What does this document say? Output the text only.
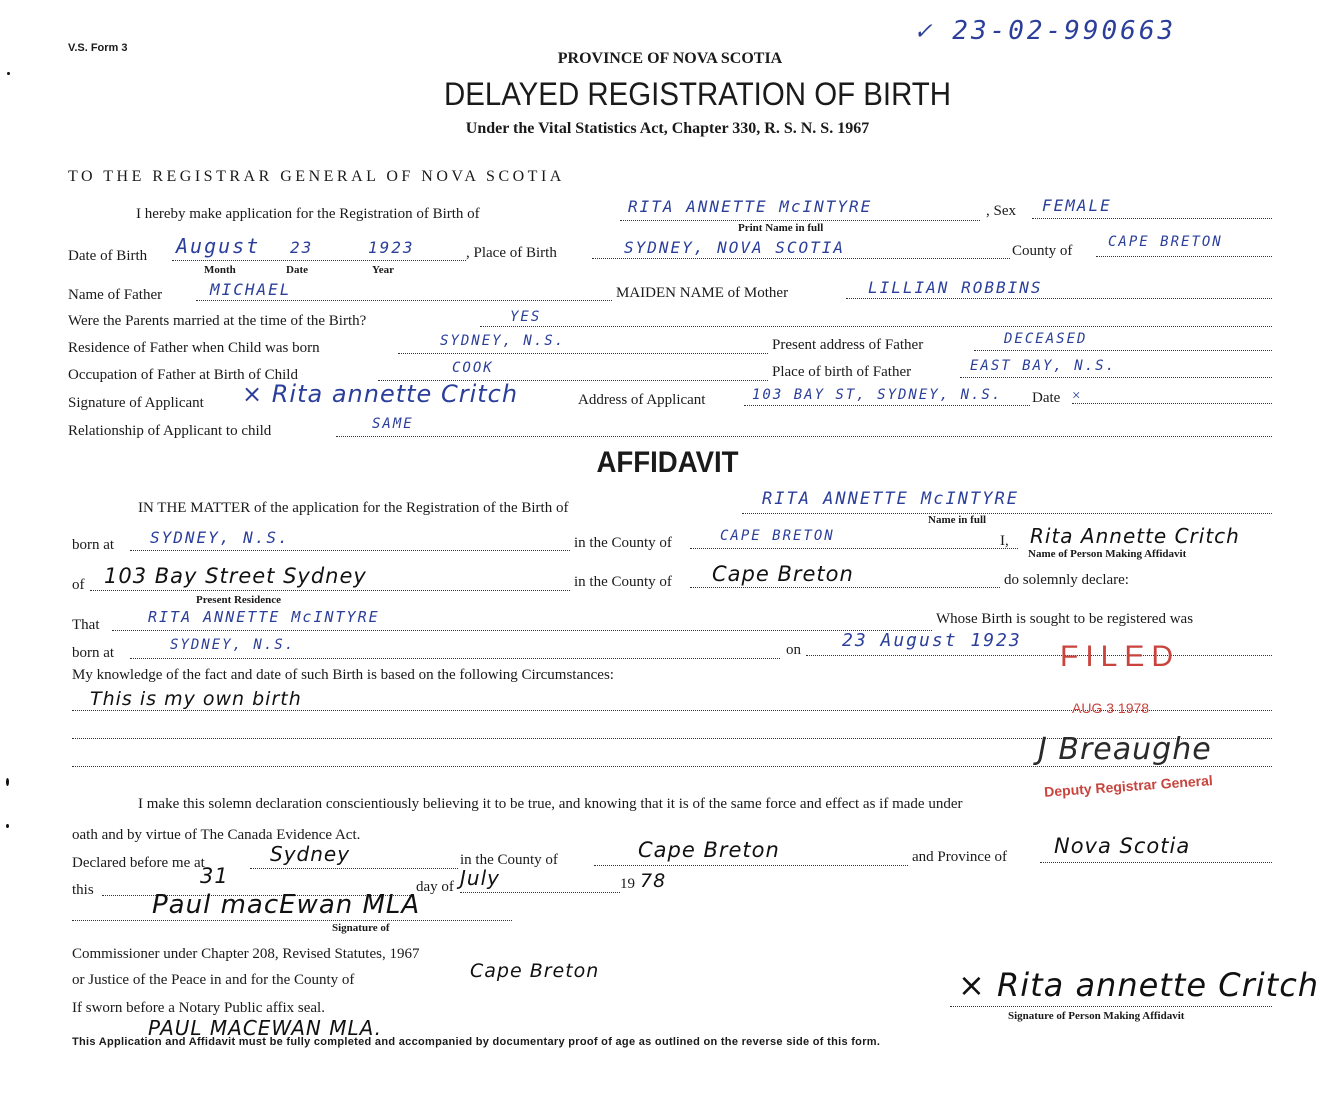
V.S. Form 3
✓ 23-02-990663
PROVINCE OF NOVA SCOTIA
DELAYED REGISTRATION OF BIRTH
Under the Vital Statistics Act, Chapter 330, R. S. N. S. 1967
TO THE REGISTRAR GENERAL OF NOVA SCOTIA
I hereby make application for the Registration of Birth of	RITA ANNETTE McINTYRE
Print Name in full
, Sex FEMALE
Date of Birth August 23	1923
Month	Date	Year
, Place of Birth	SYDNEY, NOVA SCOTIA	County of
CAPE BRETON
Name of Father	MICHAEL	MAIDEN NAME of Mother	LILLIAN ROBBINS
Were the Parents married at the time of the Birth?	YES
Residence of Father when Child was born	SYDNEY, N.S.	Present address of Father	DECEASED
Occupation of Father at Birth of Child	COOK	Place of birth of Father	EAST BAY, N.S.
Signature of Applicant × Rita annette Critch	Address of Applicant	103 BAY ST, SYDNEY, N.S. Date ×
Relationship of Applicant to child	SAME
AFFIDAVIT
IN THE MATTER of the application for the Registration of the Birth of	RITA ANNETTE McINTYRE
Name in full
born at SYDNEY, N.S.	in the County of	CAPE BRETON	I, Rita Annette Critch
Name of Person Making Affidavit
of 103 Bay Street Sydney
Present Residence
in the County of Cape Breton	do solemnly declare:
That	RITA ANNETTE McINTYRE	Whose Birth is sought to be registered was
born at	SYDNEY, N.S.	on 23 August 1923
My knowledge of the fact and date of such Birth is based on the following Circumstances:
This is my own birth
FILED
AUG 3 1978
J Breaughe
Deputy Registrar General
I make this solemn declaration conscientiously believing it to be true, and knowing that it is of the same force and effect as if made under
oath and by virtue of The Canada Evidence Act.
Declared before me at	Sydney	in the County of	Cape Breton	and Province of Nova Scotia
this
31	day of July	19 78
Paul macEwan MLA
Signature of
Commissioner under Chapter 208, Revised Statutes, 1967
or Justice of the Peace in and for the County of	Cape Breton
If sworn before a Notary Public affix seal.
PAUL MACEWAN MLA.
× Rita annette Critch
Signature of Person Making Affidavit
This Application and Affidavit must be fully completed and accompanied by documentary proof of age as outlined on the reverse side of this form.
